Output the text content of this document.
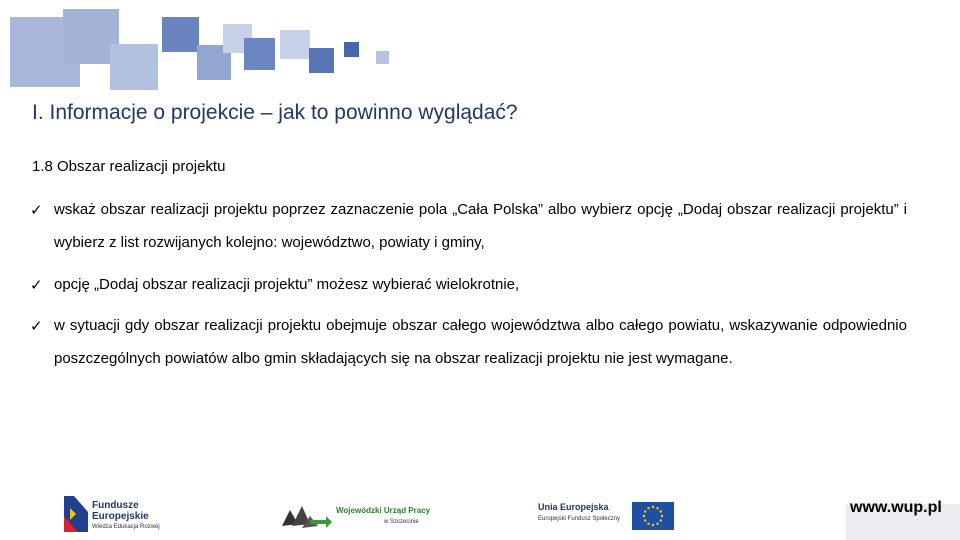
I. Informacje o projekcie – jak to powinno wyglądać?
1.8 Obszar realizacji projektu
✓ wskaż obszar realizacji projektu poprzez zaznaczenie pola „Cała Polska” albo wybierz opcję „Dodaj obszar realizacji projektu” i wybierz z list rozwijanych kolejno: województwo, powiaty i gminy,
✓ opcję „Dodaj obszar realizacji projektu” możesz wybierać wielokrotnie,
✓ w sytuacji gdy obszar realizacji projektu obejmuje obszar całego województwa albo całego powiatu, wskazywanie odpowiednio poszczególnych powiatów albo gmin składających się na obszar realizacji projektu nie jest wymagane.
Fundusze
Europejskie
Wiedza Edukacja Rozwój
Wojewódzki Urząd Pracy
w Szczecinie
Unia Europejska
Europejski Fundusz Społeczny
www.wup.pl
